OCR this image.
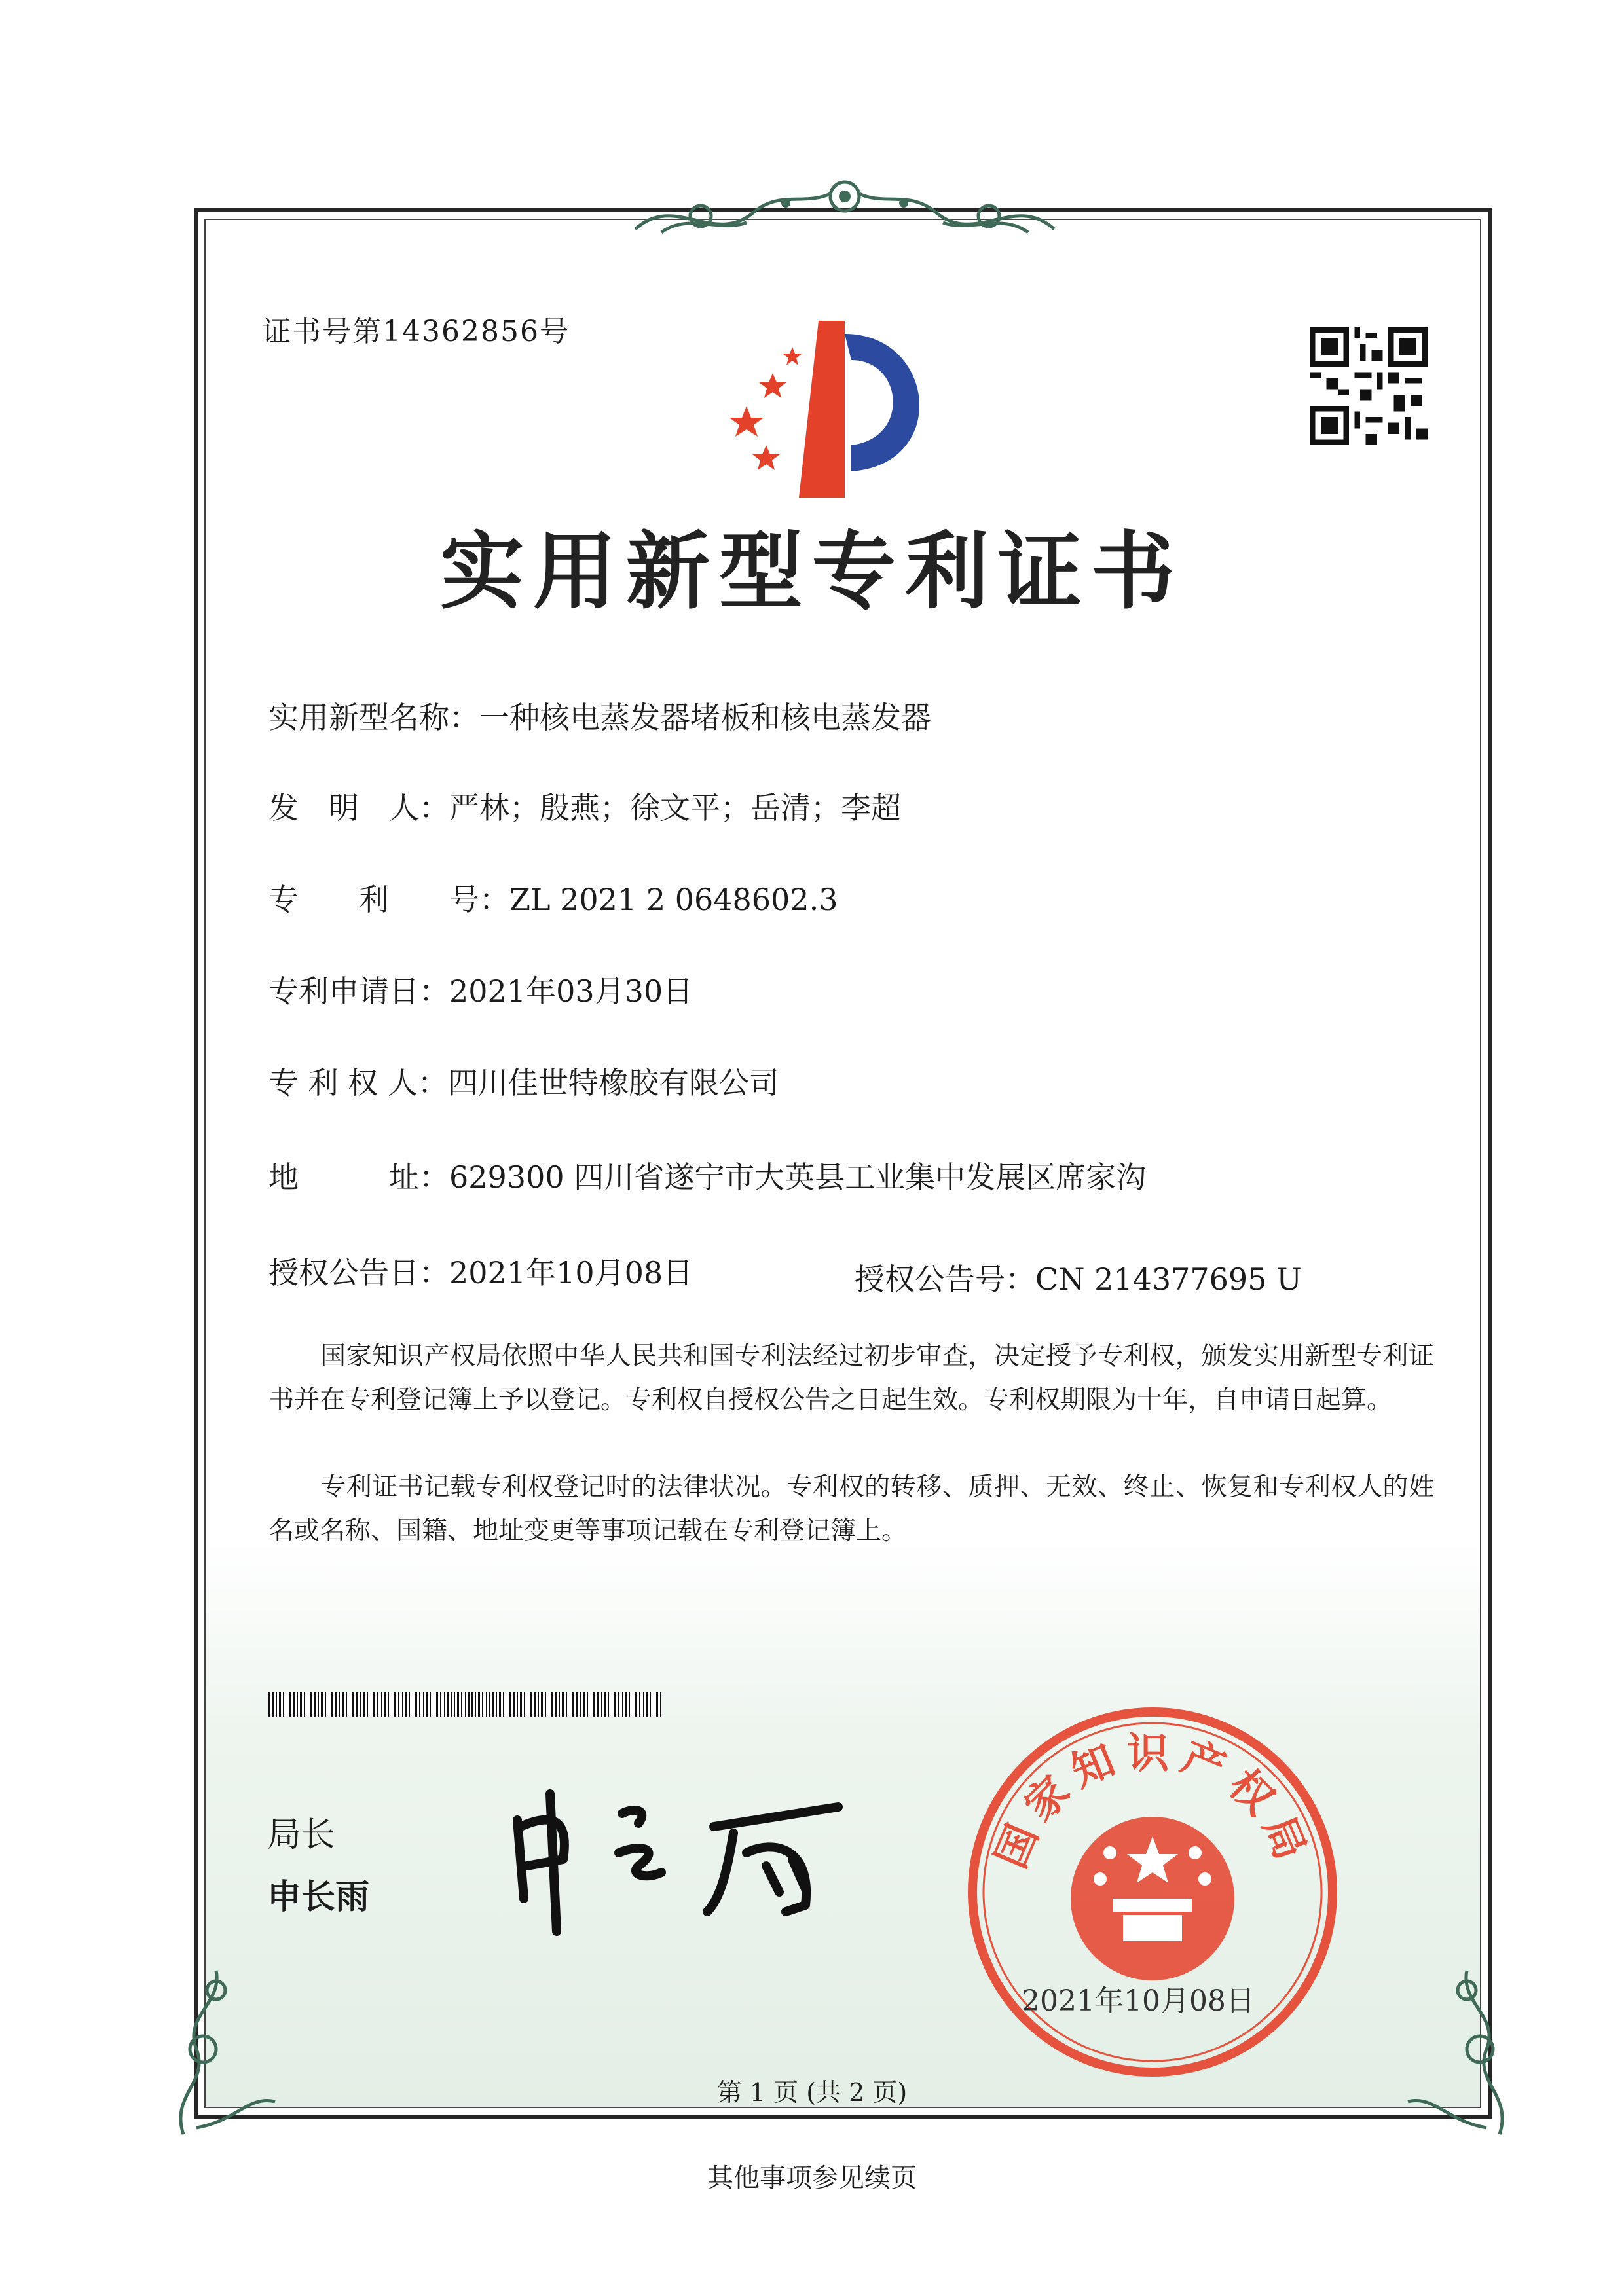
证书号第14362856号
实用新型专利证书
实用新型名称：一种核电蒸发器堵板和核电蒸发器
发　明　人：严林；殷燕；徐文平；岳清；李超
专　　利　　号：ZL 2021 2 0648602.3
专利申请日：2021年03月30日
专 利 权 人：四川佳世特橡胶有限公司
地　　　址：629300 四川省遂宁市大英县工业集中发展区席家沟
授权公告日：2021年10月08日	授权公告号：CN 214377695 U
　　国家知识产权局依照中华人民共和国专利法经过初步审查，决定授予专利权，颁发实用新型专利证书并在专利登记簿上予以登记。专利权自授权公告之日起生效。专利权期限为十年，自申请日起算。
　　专利证书记载专利权登记时的法律状况。专利权的转移、质押、无效、终止、恢复和专利权人的姓名或名称、国籍、地址变更等事项记载在专利登记簿上。
局长
申长雨
国家知识产权局
2021年10月08日
第 1 页 (共 2 页)
其他事项参见续页
